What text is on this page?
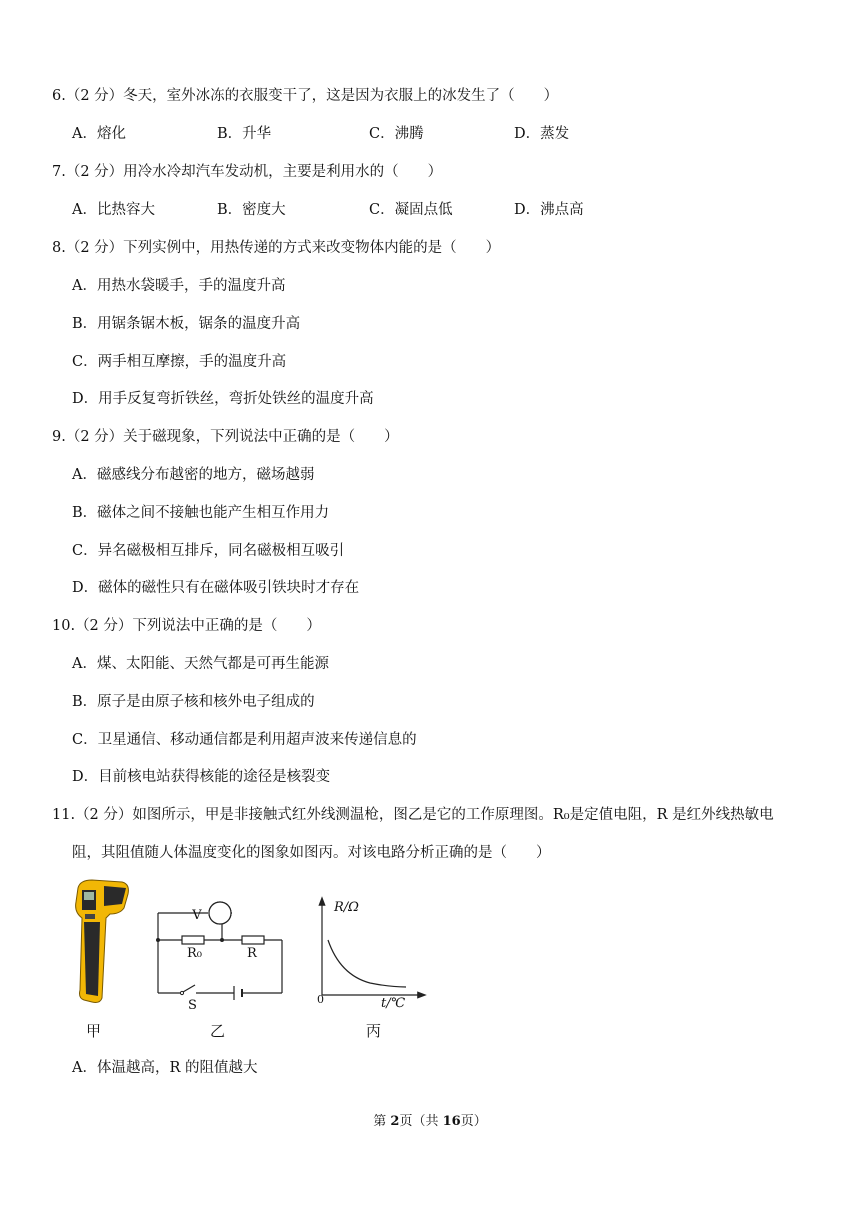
6.（2 分）冬天，室外冰冻的衣服变干了，这是因为衣服上的冰发生了（　　）
A．熔化	B．升华	C．沸腾	D．蒸发
7.（2 分）用冷水冷却汽车发动机，主要是利用水的（　　）
A．比热容大	B．密度大	C．凝固点低	D．沸点高
8.（2 分）下列实例中，用热传递的方式来改变物体内能的是（　　）
A．用热水袋暖手，手的温度升高
B．用锯条锯木板，锯条的温度升高
C．两手相互摩擦，手的温度升高
D．用手反复弯折铁丝，弯折处铁丝的温度升高
9.（2 分）关于磁现象，下列说法中正确的是（　　）
A．磁感线分布越密的地方，磁场越弱
B．磁体之间不接触也能产生相互作用力
C．异名磁极相互排斥，同名磁极相互吸引
D．磁体的磁性只有在磁体吸引铁块时才存在
10.（2 分）下列说法中正确的是（　　）
A．煤、太阳能、天然气都是可再生能源
B．原子是由原子核和核外电子组成的
C．卫星通信、移动通信都是利用超声波来传递信息的
D．目前核电站获得核能的途径是核裂变
11.（2 分）如图所示，甲是非接触式红外线测温枪，图乙是它的工作原理图。R₀是定值电阻，R 是红外线热敏电
阻，其阻值随人体温度变化的图象如图丙。对该电路分析正确的是（　　）
甲
V
R₀	R
S
乙
R/Ω
t/℃
0
丙
A．体温越高，R 的阻值越大
第 2页（共 16页）
